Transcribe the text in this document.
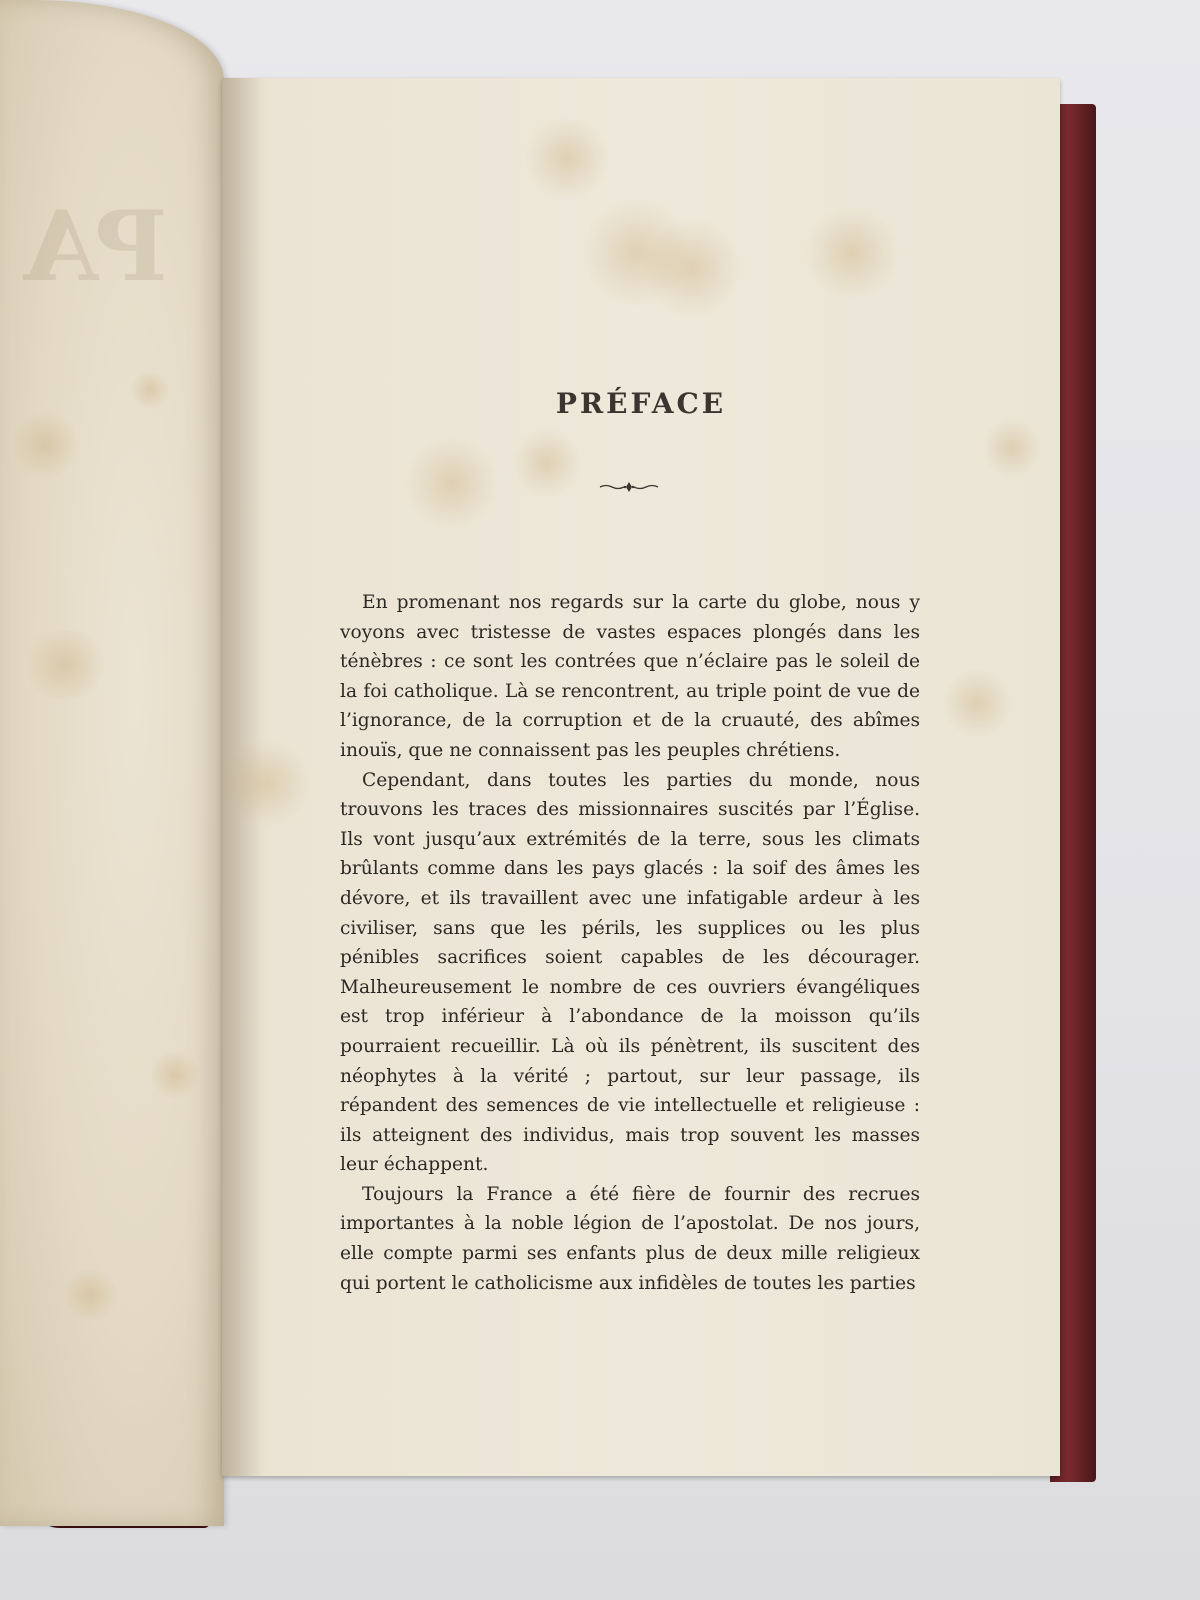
PA
PRÉFACE

En promenant nos regards sur la carte du globe, nous y voyons avec tristesse de vastes espaces plongés dans les ténèbres : ce sont les contrées que n’éclaire pas le soleil de la foi catholique. Là se rencontrent, au triple point de vue de l’ignorance, de la corruption et de la cruauté, des abîmes inouïs, que ne connaissent pas les peuples chrétiens.

Cependant, dans toutes les parties du monde, nous trouvons les traces des missionnaires suscités par l’Église. Ils vont jusqu’aux extrémités de la terre, sous les climats brûlants comme dans les pays glacés : la soif des âmes les dévore, et ils travaillent avec une infatigable ardeur à les civiliser, sans que les périls, les supplices ou les plus pénibles sacrifices soient capables de les décourager. Malheureusement le nombre de ces ouvriers évangéliques est trop inférieur à l’abondance de la moisson qu’ils pourraient recueillir. Là où ils pénètrent, ils suscitent des néophytes à la vérité ; partout, sur leur passage, ils répandent des semences de vie intellectuelle et religieuse : ils atteignent des individus, mais trop souvent les masses leur échappent.

Toujours la France a été fière de fournir des recrues importantes à la noble légion de l’apostolat. De nos jours, elle compte parmi ses enfants plus de deux mille religieux qui portent le catholicisme aux infidèles de toutes les parties
